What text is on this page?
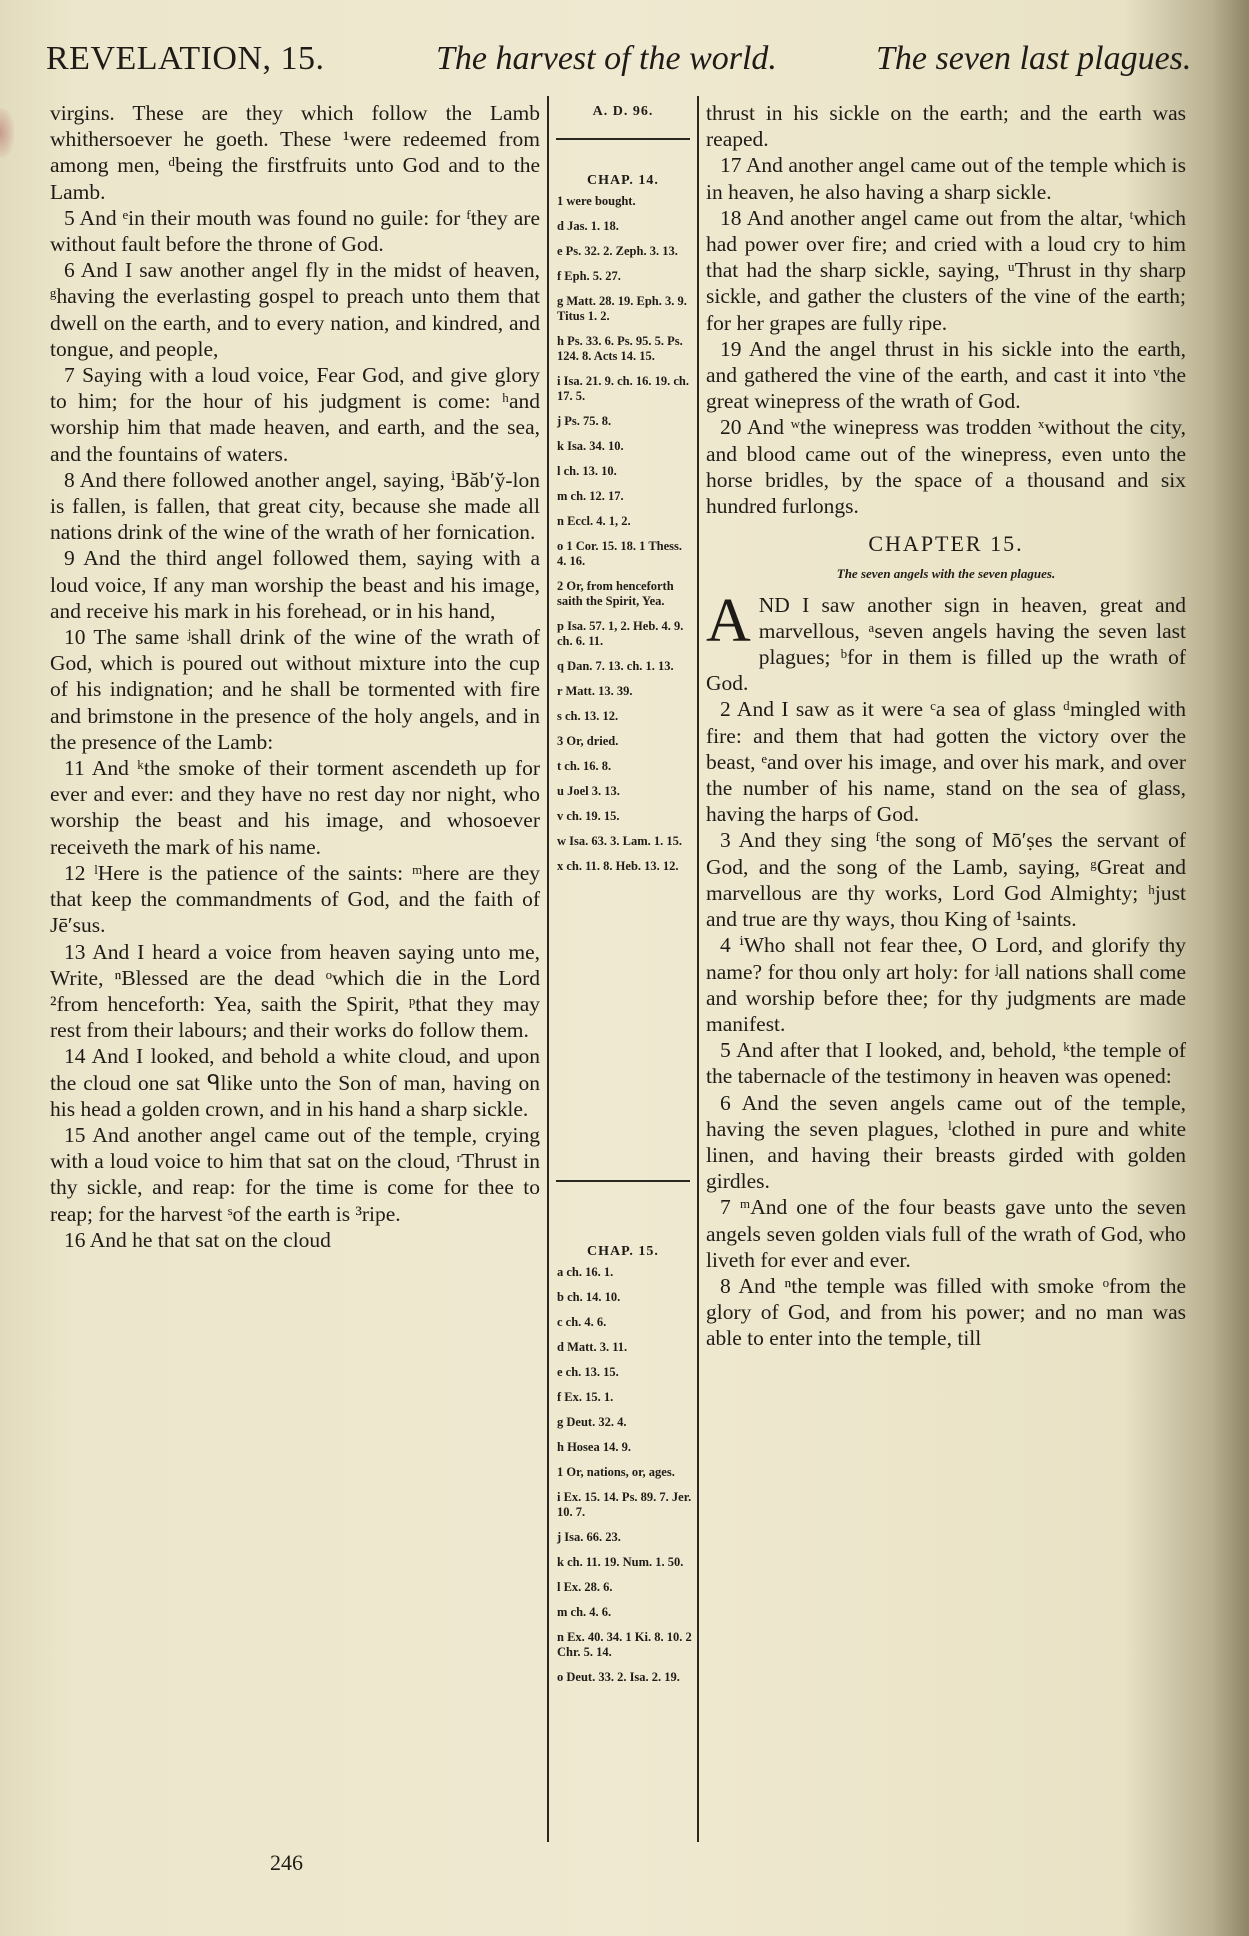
REVELATION, 15.	The harvest of the world.	The seven last plagues.

virgins. These are they which follow the Lamb whithersoever he goeth. These ¹were redeemed from among men, ᵈbeing the firstfruits unto God and to the Lamb.

5 And ᵉin their mouth was found no guile: for ᶠthey are without fault before the throne of God.

6 And I saw another angel fly in the midst of heaven, ᵍhaving the everlasting gospel to preach unto them that dwell on the earth, and to every nation, and kindred, and tongue, and people,

7 Saying with a loud voice, Fear God, and give glory to him; for the hour of his judgment is come: ʰand worship him that made heaven, and earth, and the sea, and the fountains of waters.

8 And there followed another angel, saying, ⁱBăb′y̆-lon is fallen, is fallen, that great city, because she made all nations drink of the wine of the wrath of her fornication.

9 And the third angel followed them, saying with a loud voice, If any man worship the beast and his image, and receive his mark in his forehead, or in his hand,

10 The same ʲshall drink of the wine of the wrath of God, which is poured out without mixture into the cup of his indignation; and he shall be tormented with fire and brimstone in the presence of the holy angels, and in the presence of the Lamb:

11 And ᵏthe smoke of their torment ascendeth up for ever and ever: and they have no rest day nor night, who worship the beast and his image, and whosoever receiveth the mark of his name.

12 ˡHere is the patience of the saints: ᵐhere are they that keep the commandments of God, and the faith of Jē′sus.

13 And I heard a voice from heaven saying unto me, Write, ⁿBlessed are the dead ᵒwhich die in the Lord ²from henceforth: Yea, saith the Spirit, ᵖthat they may rest from their labours; and their works do follow them.

14 And I looked, and behold a white cloud, and upon the cloud one sat ᑫlike unto the Son of man, having on his head a golden crown, and in his hand a sharp sickle.

15 And another angel came out of the temple, crying with a loud voice to him that sat on the cloud, ʳThrust in thy sickle, and reap: for the time is come for thee to reap; for the harvest ˢof the earth is ³ripe.

16 And he that sat on the cloud

A. D. 96.
CHAP. 14.
1 were bought.
d Jas. 1. 18.
e Ps. 32. 2. Zeph. 3. 13.
f Eph. 5. 27.
g Matt. 28. 19. Eph. 3. 9. Titus 1. 2.
h Ps. 33. 6. Ps. 95. 5. Ps. 124. 8. Acts 14. 15.
i Isa. 21. 9. ch. 16. 19. ch. 17. 5.
j Ps. 75. 8.
k Isa. 34. 10.
l ch. 13. 10.
m ch. 12. 17.
n Eccl. 4. 1, 2.
o 1 Cor. 15. 18. 1 Thess. 4. 16.
2 Or, from henceforth saith the Spirit, Yea.
p Isa. 57. 1, 2. Heb. 4. 9. ch. 6. 11.
q Dan. 7. 13. ch. 1. 13.
r Matt. 13. 39.
s ch. 13. 12.
3 Or, dried.
t ch. 16. 8.
u Joel 3. 13.
v ch. 19. 15.
w Isa. 63. 3. Lam. 1. 15.
x ch. 11. 8. Heb. 13. 12.
CHAP. 15.
a ch. 16. 1.
b ch. 14. 10.
c ch. 4. 6.
d Matt. 3. 11.
e ch. 13. 15.
f Ex. 15. 1.
g Deut. 32. 4.
h Hosea 14. 9.
1 Or, nations, or, ages.
i Ex. 15. 14. Ps. 89. 7. Jer. 10. 7.
j Isa. 66. 23.
k ch. 11. 19. Num. 1. 50.
l Ex. 28. 6.
m ch. 4. 6.
n Ex. 40. 34. 1 Ki. 8. 10. 2 Chr. 5. 14.
o Deut. 33. 2. Isa. 2. 19.

thrust in his sickle on the earth; and the earth was reaped.

17 And another angel came out of the temple which is in heaven, he also having a sharp sickle.

18 And another angel came out from the altar, ᵗwhich had power over fire; and cried with a loud cry to him that had the sharp sickle, saying, ᵘThrust in thy sharp sickle, and gather the clusters of the vine of the earth; for her grapes are fully ripe.

19 And the angel thrust in his sickle into the earth, and gathered the vine of the earth, and cast it into ᵛthe great winepress of the wrath of God.

20 And ʷthe winepress was trodden ˣwithout the city, and blood came out of the winepress, even unto the horse bridles, by the space of a thousand and six hundred furlongs.

CHAPTER 15.
The seven angels with the seven plagues.

AND I saw another sign in heaven, great and marvellous, ᵃseven angels having the seven last plagues; ᵇfor in them is filled up the wrath of God.

2 And I saw as it were ᶜa sea of glass ᵈmingled with fire: and them that had gotten the victory over the beast, ᵉand over his image, and over his mark, and over the number of his name, stand on the sea of glass, having the harps of God.

3 And they sing ᶠthe song of Mō′ṣes the servant of God, and the song of the Lamb, saying, ᵍGreat and marvellous are thy works, Lord God Almighty; ʰjust and true are thy ways, thou King of ¹saints.

4 ⁱWho shall not fear thee, O Lord, and glorify thy name? for thou only art holy: for ʲall nations shall come and worship before thee; for thy judgments are made manifest.

5 And after that I looked, and, behold, ᵏthe temple of the tabernacle of the testimony in heaven was opened:

6 And the seven angels came out of the temple, having the seven plagues, ˡclothed in pure and white linen, and having their breasts girded with golden girdles.

7 ᵐAnd one of the four beasts gave unto the seven angels seven golden vials full of the wrath of God, who liveth for ever and ever.

8 And ⁿthe temple was filled with smoke ᵒfrom the glory of God, and from his power; and no man was able to enter into the temple, till

246
